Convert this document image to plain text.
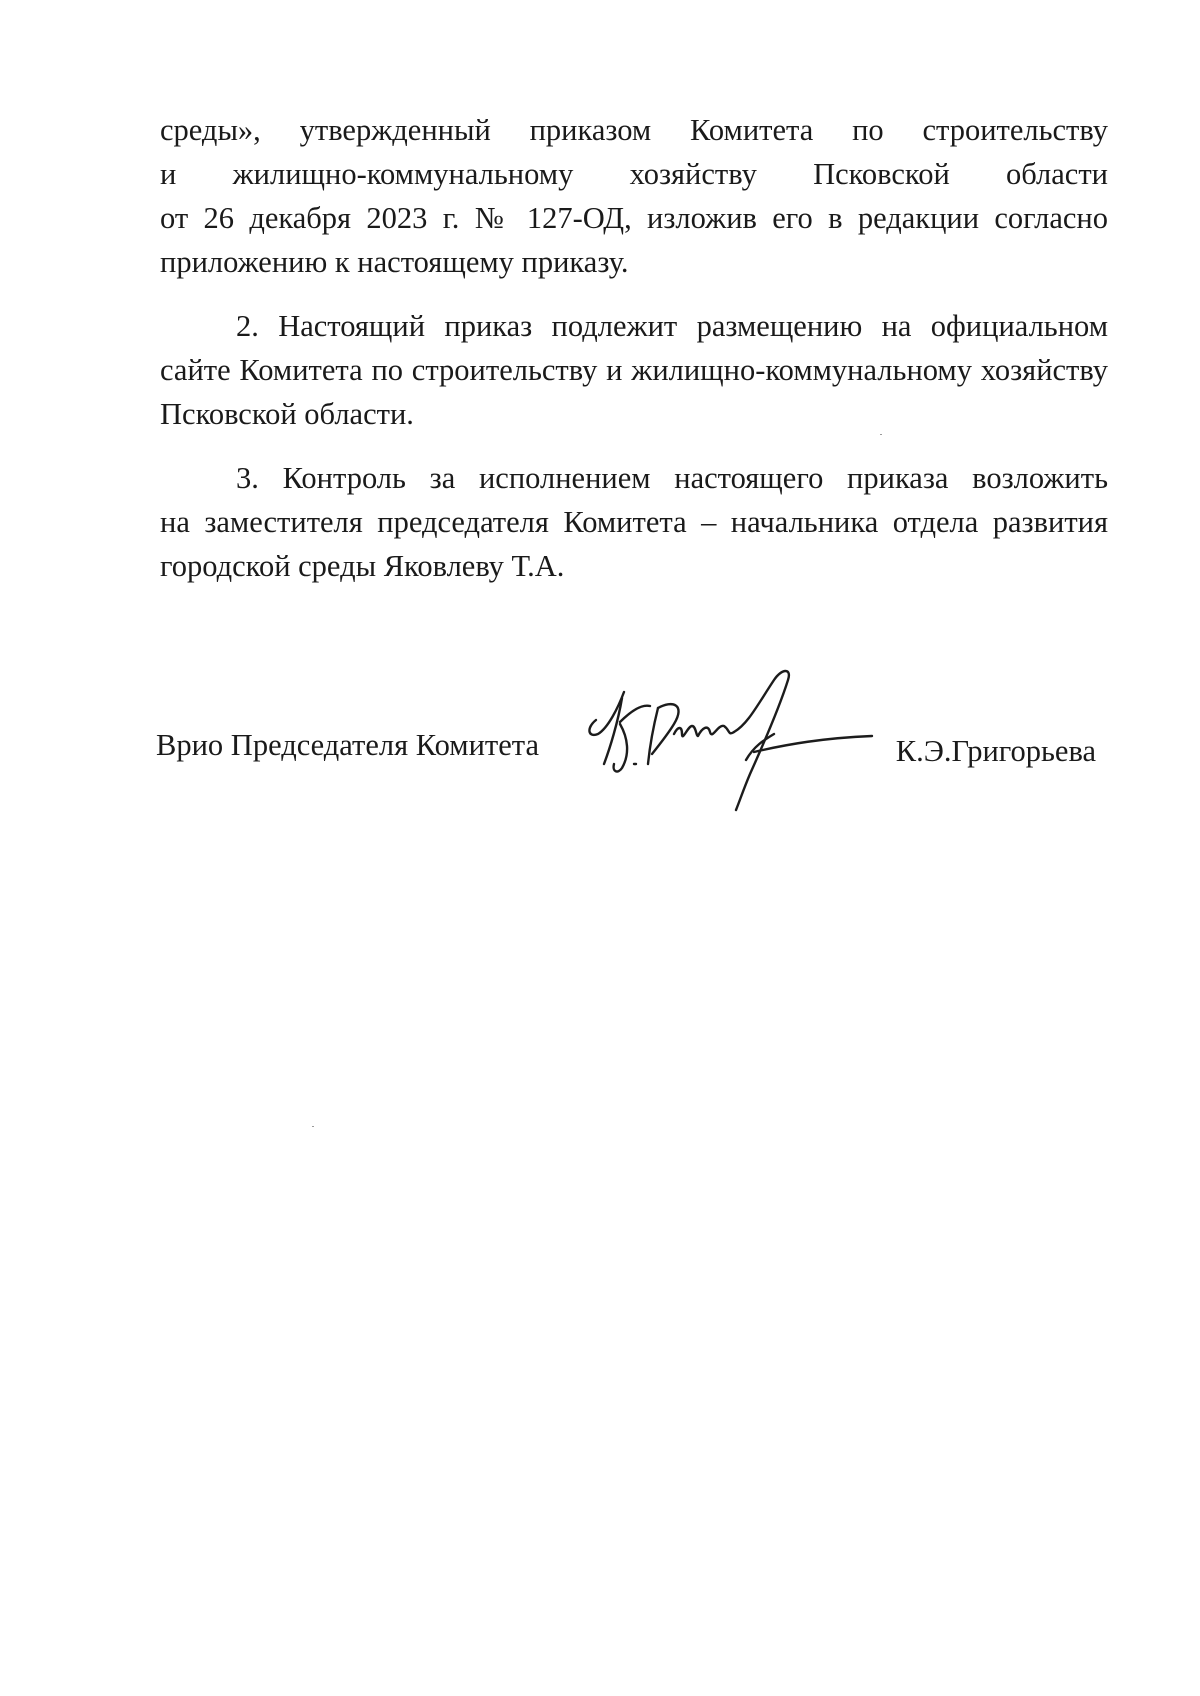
среды», утвержденный приказом Комитета по строительству
и жилищно-коммунальному хозяйству Псковской области
от 26 декабря 2023 г. № 127-ОД, изложив его в редакции согласно
приложению к настоящему приказу.
2. Настоящий приказ подлежит размещению на официальном
сайте Комитета по строительству и жилищно-коммунальному хозяйству
Псковской области.
3. Контроль за исполнением настоящего приказа возложить
на заместителя председателя Комитета – начальника отдела развития
городской среды Яковлеву Т.А.
Врио Председателя Комитета	К.Э.Григорьева
